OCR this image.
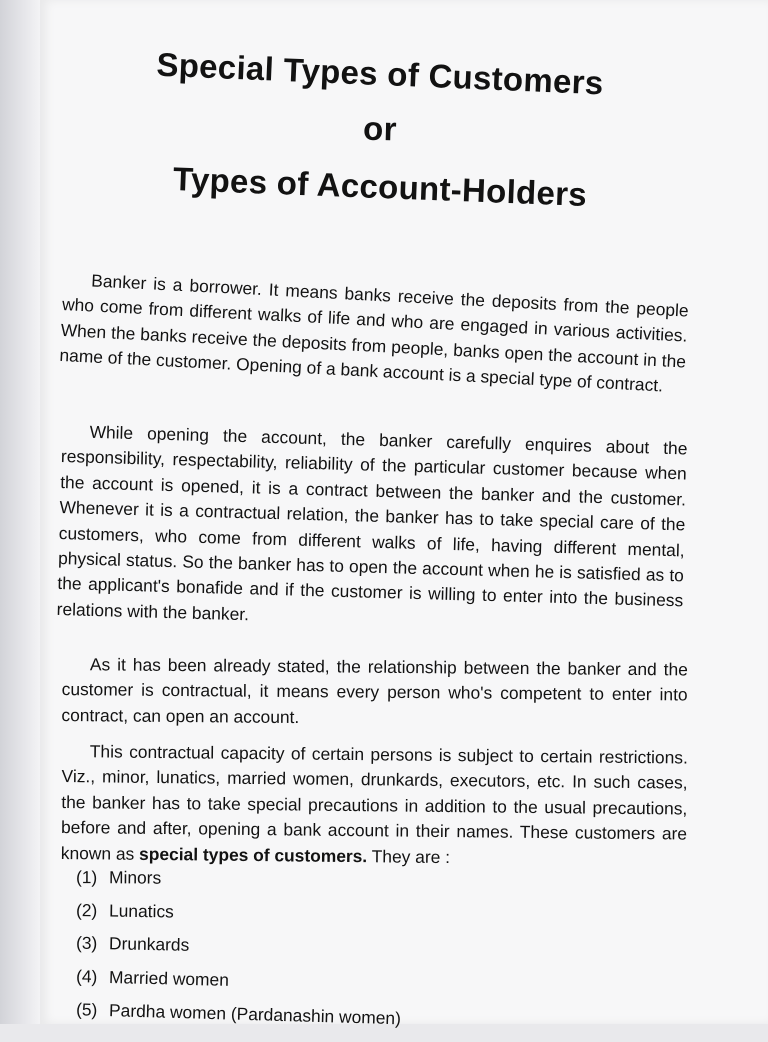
Special Types of Customers
or
Types of Account-Holders

Banker is a borrower. It means banks receive the deposits from the people who come from different walks of life and who are engaged in various activities. When the banks receive the deposits from people, banks open the account in the name of the customer. Opening of a bank account is a special type of contract.

While opening the account, the banker carefully enquires about the responsibility, respectability, reliability of the particular customer because when the account is opened, it is a contract between the banker and the customer. Whenever it is a contractual relation, the banker has to take special care of the customers, who come from different walks of life, having different mental, physical status. So the banker has to open the account when he is satisfied as to the applicant's bonafide and if the customer is willing to enter into the business relations with the banker.

As it has been already stated, the relationship between the banker and the customer is contractual, it means every person who's competent to enter into contract, can open an account.

This contractual capacity of certain persons is subject to certain restrictions. Viz., minor, lunatics, married women, drunkards, executors, etc. In such cases, the banker has to take special precautions in addition to the usual precautions, before and after, opening a bank account in their names. These customers are known as special types of customers. They are :

(1) Minors
(2) Lunatics
(3) Drunkards
(4) Married women
(5) Pardha women (Pardanashin women)
